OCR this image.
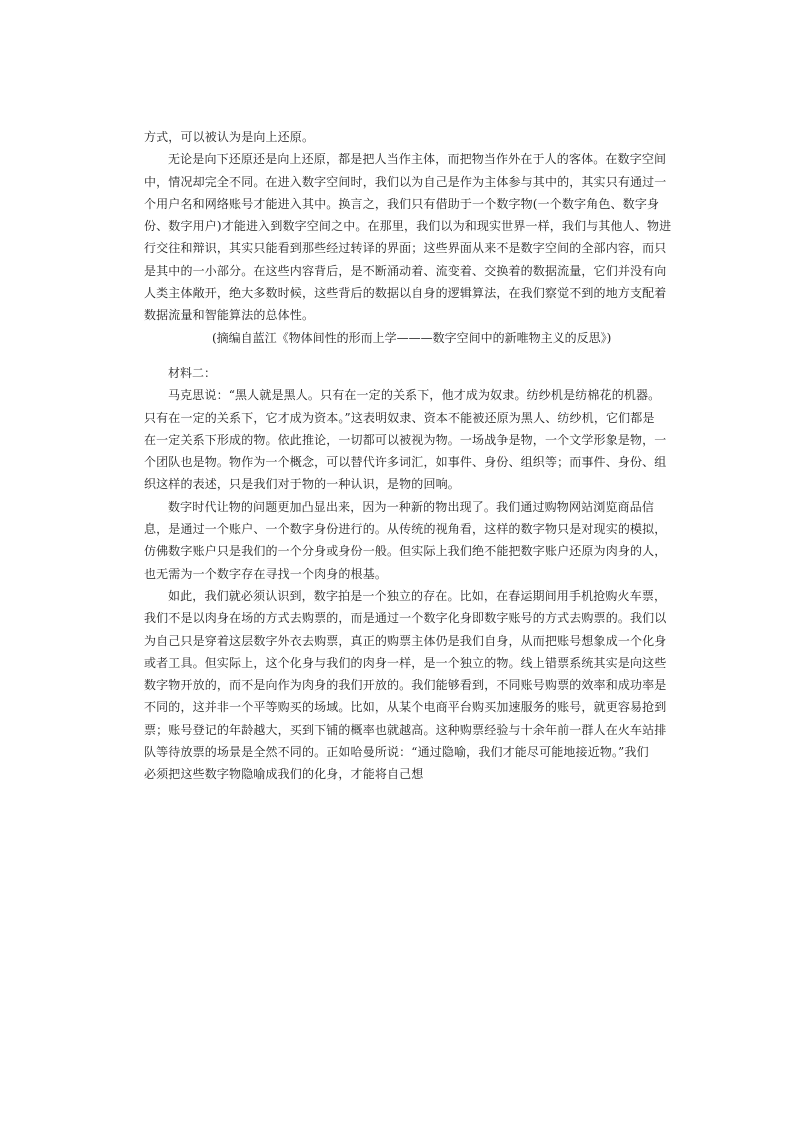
方式，可以被认为是向上还原。
无论是向下还原还是向上还原，都是把人当作主体，而把物当作外在于人的客体。在数字空间
中，情况却完全不同。在进入数字空间时，我们以为自己是作为主体参与其中的，其实只有通过一
个用户名和网络账号才能进入其中。换言之，我们只有借助于一个数字物(一个数字角色、数字身
份、数字用户)才能进入到数字空间之中。在那里，我们以为和现实世界一样，我们与其他人、物进
行交往和辩识，其实只能看到那些经过转译的界面；这些界面从来不是数字空间的全部内容，而只
是其中的一小部分。在这些内容背后，是不断涌动着、流变着、交换着的数据流量，它们并没有向
人类主体敞开，绝大多数时候，这些背后的数据以自身的逻辑算法，在我们察觉不到的地方支配着
数据流量和智能算法的总体性。
(摘编自蓝江《物体间性的形而上学———数字空间中的新唯物主义的反思》)
材料二：
马克思说：“黑人就是黑人。只有在一定的关系下，他才成为奴隶。纺纱机是纺棉花的机器。
只有在一定的关系下，它才成为资本。”这表明奴隶、资本不能被还原为黑人、纺纱机，它们都是
在一定关系下形成的物。依此推论，一切都可以被视为物。一场战争是物，一个文学形象是物，一
个团队也是物。物作为一个概念，可以替代许多词汇，如事件、身份、组织等；而事件、身份、组
织这样的表述，只是我们对于物的一种认识，是物的回响。
数字时代让物的问题更加凸显出来，因为一种新的物出现了。我们通过购物网站浏览商品信
息，是通过一个账户、一个数字身份进行的。从传统的视角看，这样的数字物只是对现实的模拟，
仿佛数字账户只是我们的一个分身或身份一般。但实际上我们绝不能把数字账户还原为肉身的人，
也无需为一个数字存在寻找一个肉身的根基。
如此，我们就必须认识到，数字拍是一个独立的存在。比如，在春运期间用手机抢购火车票，
我们不是以肉身在场的方式去购票的，而是通过一个数字化身即数字账号的方式去购票的。我们以
为自己只是穿着这层数字外衣去购票，真正的购票主体仍是我们自身，从而把账号想象成一个化身
或者工具。但实际上，这个化身与我们的肉身一样，是一个独立的物。线上错票系统其实是向这些
数字物开放的，而不是向作为肉身的我们开放的。我们能够看到，不同账号购票的效率和成功率是
不同的，这并非一个平等购买的场域。比如，从某个电商平台购买加速服务的账号，就更容易抢到
票；账号登记的年龄越大，买到下铺的概率也就越高。这种购票经验与十余年前一群人在火车站排
队等待放票的场景是全然不同的。正如哈曼所说：“通过隐喻，我们才能尽可能地接近物。”我们
必须把这些数字物隐喻成我们的化身，才能将自己想
